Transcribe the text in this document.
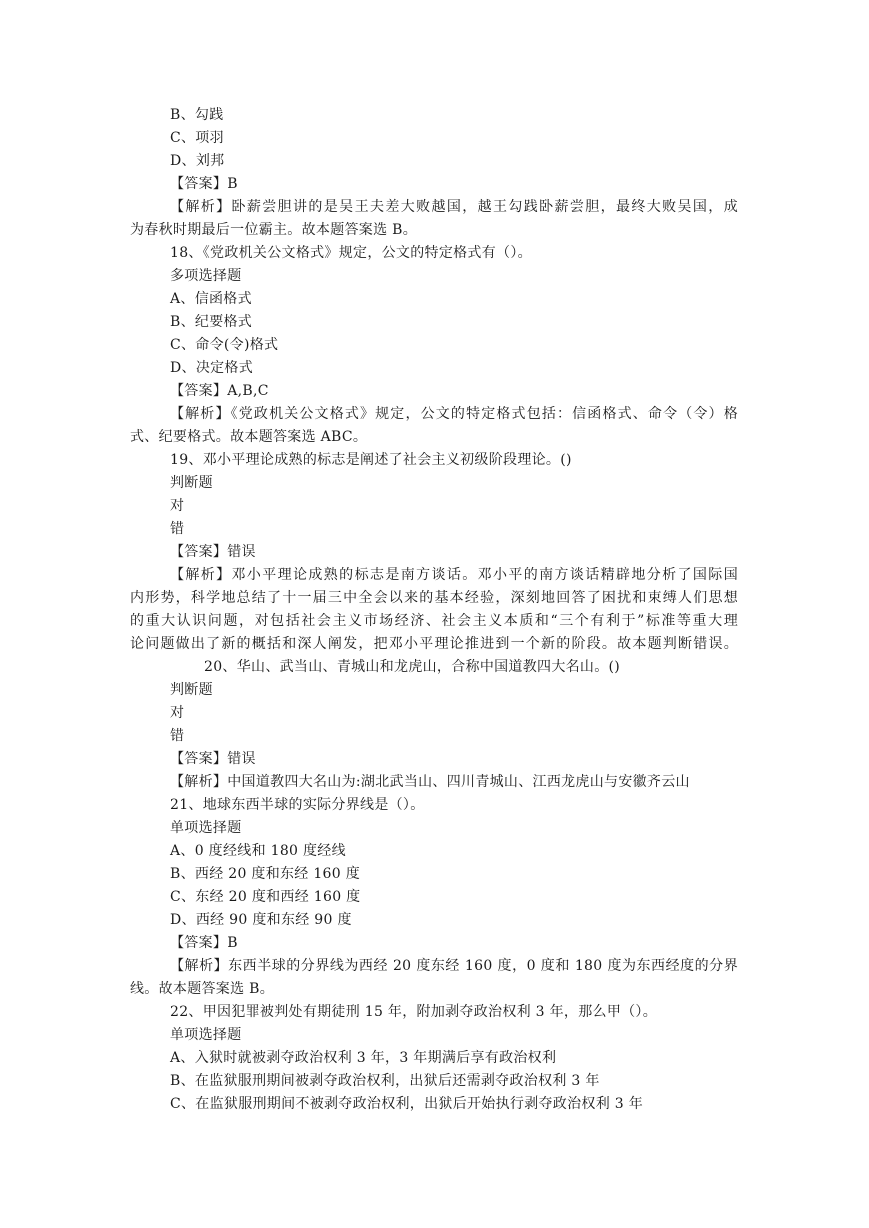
B、勾践
C、项羽
D、刘邦
【答案】B
【解析】卧薪尝胆讲的是吴王夫差大败越国，越王勾践卧薪尝胆，最终大败吴国，成
为春秋时期最后一位霸主。故本题答案选 B。
18、《党政机关公文格式》规定，公文的特定格式有（）。
多项选择题
A、信函格式
B、纪要格式
C、命令(令)格式
D、决定格式
【答案】A,B,C
【解析】《党政机关公文格式》规定，公文的特定格式包括：信函格式、命令（令）格
式、纪要格式。故本题答案选 ABC。
19、邓小平理论成熟的标志是阐述了社会主义初级阶段理论。()
判断题
对
错
【答案】错误
【解析】邓小平理论成熟的标志是南方谈话。邓小平的南方谈话精辟地分析了国际国
内形势，科学地总结了十一届三中全会以来的基本经验，深刻地回答了困扰和束缚人们思想
的重大认识问题，对包括社会主义市场经济、社会主义本质和“三个有利于”标准等重大理
论问题做出了新的概括和深人阐发，把邓小平理论推进到一个新的阶段。故本题判断错误。
20、华山、武当山、青城山和龙虎山，合称中国道教四大名山。()
判断题
对
错
【答案】错误
【解析】中国道教四大名山为:湖北武当山、四川青城山、江西龙虎山与安徽齐云山
21、地球东西半球的实际分界线是（）。
单项选择题
A、0 度经线和 180 度经线
B、西经 20 度和东经 160 度
C、东经 20 度和西经 160 度
D、西经 90 度和东经 90 度
【答案】B
【解析】东西半球的分界线为西经 20 度东经 160 度，0 度和 180 度为东西经度的分界
线。故本题答案选 B。
22、甲因犯罪被判处有期徒刑 15 年，附加剥夺政治权利 3 年，那么甲（）。
单项选择题
A、入狱时就被剥夺政治权利 3 年，3 年期满后享有政治权利
B、在监狱服刑期间被剥夺政治权利，出狱后还需剥夺政治权利 3 年
C、在监狱服刑期间不被剥夺政治权利，出狱后开始执行剥夺政治权利 3 年
